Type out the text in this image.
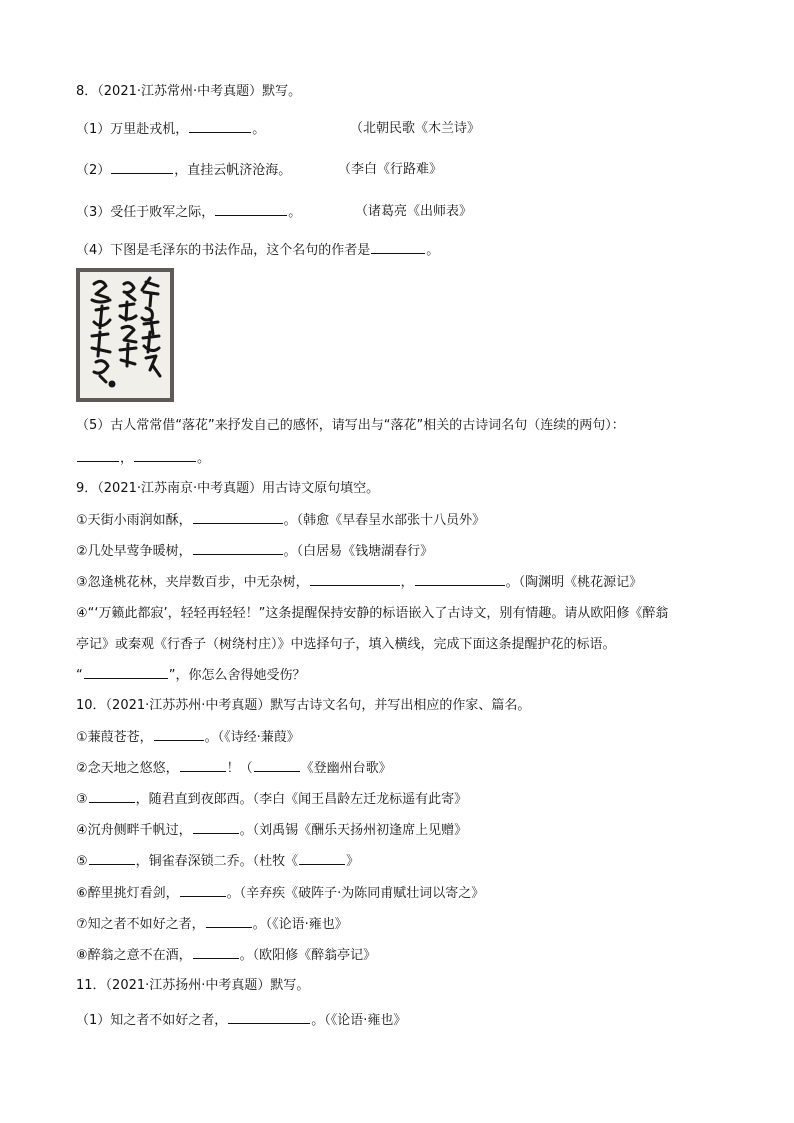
8．（2021·江苏常州·中考真题）默写。
（1）万里赴戎机，	。	（北朝民歌《木兰诗》
（2）	，直挂云帆济沧海。	（李白《行路难》
（3）受任于败军之际，	。	（诸葛亮《出师表》
（4）下图是毛泽东的书法作品，这个名句的作者是	。
（5）古人常常借“落花”来抒发自己的感怀，请写出与“落花”相关的古诗词名句（连续的两句）：
，	。
9．（2021·江苏南京·中考真题）用古诗文原句填空。
①天街小雨润如酥，	。（韩愈《早春呈水部张十八员外》
②几处早莺争暖树，	。（白居易《钱塘湖春行》
③忽逢桃花林，夹岸数百步，中无杂树，	，	。（陶渊明《桃花源记》
④“‘万籁此都寂’，轻轻再轻轻！”这条提醒保持安静的标语嵌入了古诗文，别有情趣。请从欧阳修《醉翁
亭记》或秦观《行香子（树绕村庄）》中选择句子，填入横线，完成下面这条提醒护花的标语。
“	”，你怎么舍得她受伤？
10．（2021·江苏苏州·中考真题）默写古诗文名句，并写出相应的作家、篇名。
①蒹葭苍苍，	。（《诗经·蒹葭》
②念天地之悠悠，	！（	《登幽州台歌》
③	，随君直到夜郎西。（李白《闻王昌龄左迁龙标遥有此寄》
④沉舟侧畔千帆过，	。（刘禹锡《酬乐天扬州初逢席上见赠》
⑤	，铜雀春深锁二乔。（杜牧《	》
⑥醉里挑灯看剑，	。（辛弃疾《破阵子·为陈同甫赋壮词以寄之》
⑦知之者不如好之者，	。（《论语·雍也》
⑧醉翁之意不在酒，	。（欧阳修《醉翁亭记》
11．（2021·江苏扬州·中考真题）默写。
（1）知之者不如好之者，	。（《论语·雍也》
